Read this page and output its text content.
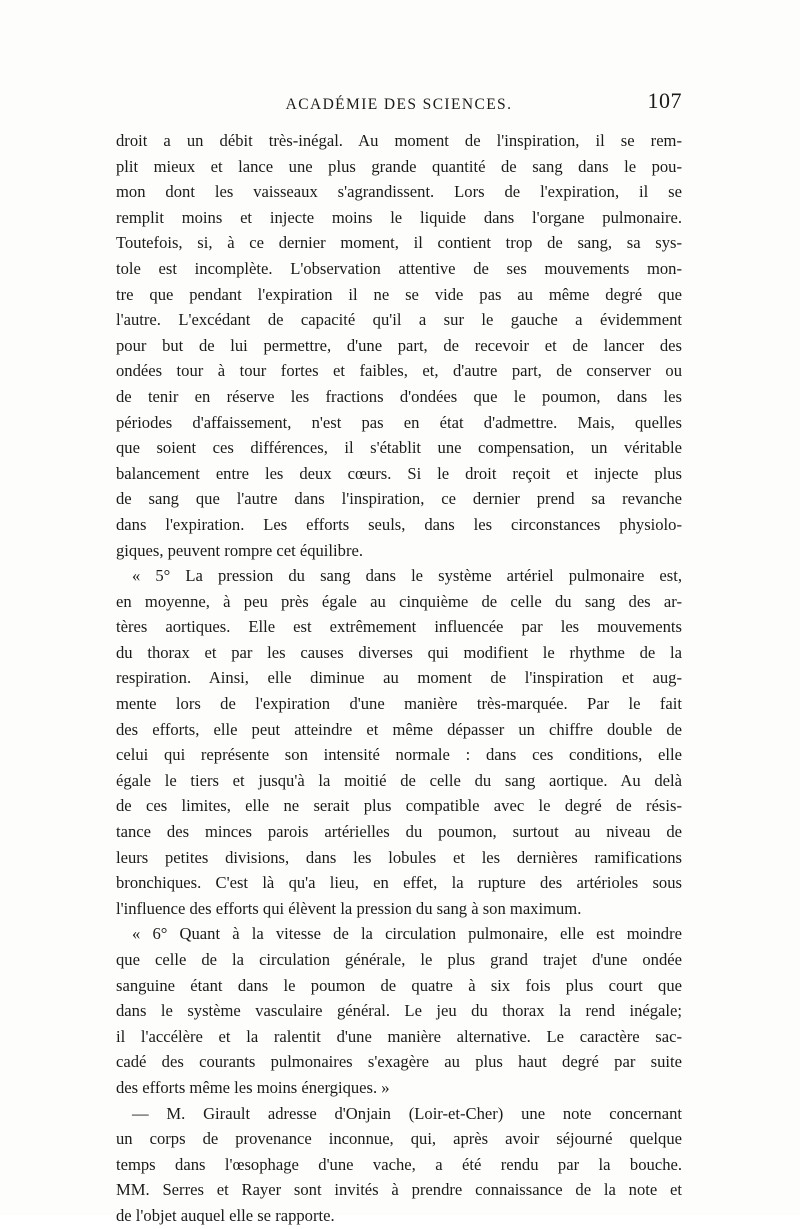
ACADÉMIE DES SCIENCES.	107
droit a un débit très-inégal. Au moment de l'inspiration, il se rem-
plit mieux et lance une plus grande quantité de sang dans le pou-
mon dont les vaisseaux s'agrandissent. Lors de l'expiration, il se
remplit moins et injecte moins le liquide dans l'organe pulmonaire.
Toutefois, si, à ce dernier moment, il contient trop de sang, sa sys-
tole est incomplète. L'observation attentive de ses mouvements mon-
tre que pendant l'expiration il ne se vide pas au même degré que
l'autre. L'excédant de capacité qu'il a sur le gauche a évidemment
pour but de lui permettre, d'une part, de recevoir et de lancer des
ondées tour à tour fortes et faibles, et, d'autre part, de conserver ou
de tenir en réserve les fractions d'ondées que le poumon, dans les
périodes d'affaissement, n'est pas en état d'admettre. Mais, quelles
que soient ces différences, il s'établit une compensation, un véritable
balancement entre les deux cœurs. Si le droit reçoit et injecte plus
de sang que l'autre dans l'inspiration, ce dernier prend sa revanche
dans l'expiration. Les efforts seuls, dans les circonstances physiolo-
giques, peuvent rompre cet équilibre.
« 5° La pression du sang dans le système artériel pulmonaire est,
en moyenne, à peu près égale au cinquième de celle du sang des ar-
tères aortiques. Elle est extrêmement influencée par les mouvements
du thorax et par les causes diverses qui modifient le rhythme de la
respiration. Ainsi, elle diminue au moment de l'inspiration et aug-
mente lors de l'expiration d'une manière très-marquée. Par le fait
des efforts, elle peut atteindre et même dépasser un chiffre double de
celui qui représente son intensité normale : dans ces conditions, elle
égale le tiers et jusqu'à la moitié de celle du sang aortique. Au delà
de ces limites, elle ne serait plus compatible avec le degré de résis-
tance des minces parois artérielles du poumon, surtout au niveau de
leurs petites divisions, dans les lobules et les dernières ramifications
bronchiques. C'est là qu'a lieu, en effet, la rupture des artérioles sous
l'influence des efforts qui élèvent la pression du sang à son maximum.
« 6° Quant à la vitesse de la circulation pulmonaire, elle est moindre
que celle de la circulation générale, le plus grand trajet d'une ondée
sanguine étant dans le poumon de quatre à six fois plus court que
dans le système vasculaire général. Le jeu du thorax la rend inégale;
il l'accélère et la ralentit d'une manière alternative. Le caractère sac-
cadé des courants pulmonaires s'exagère au plus haut degré par suite
des efforts même les moins énergiques. »
— M. Girault adresse d'Onjain (Loir-et-Cher) une note concernant
un corps de provenance inconnue, qui, après avoir séjourné quelque
temps dans l'œsophage d'une vache, a été rendu par la bouche.
MM. Serres et Rayer sont invités à prendre connaissance de la note et
de l'objet auquel elle se rapporte.
